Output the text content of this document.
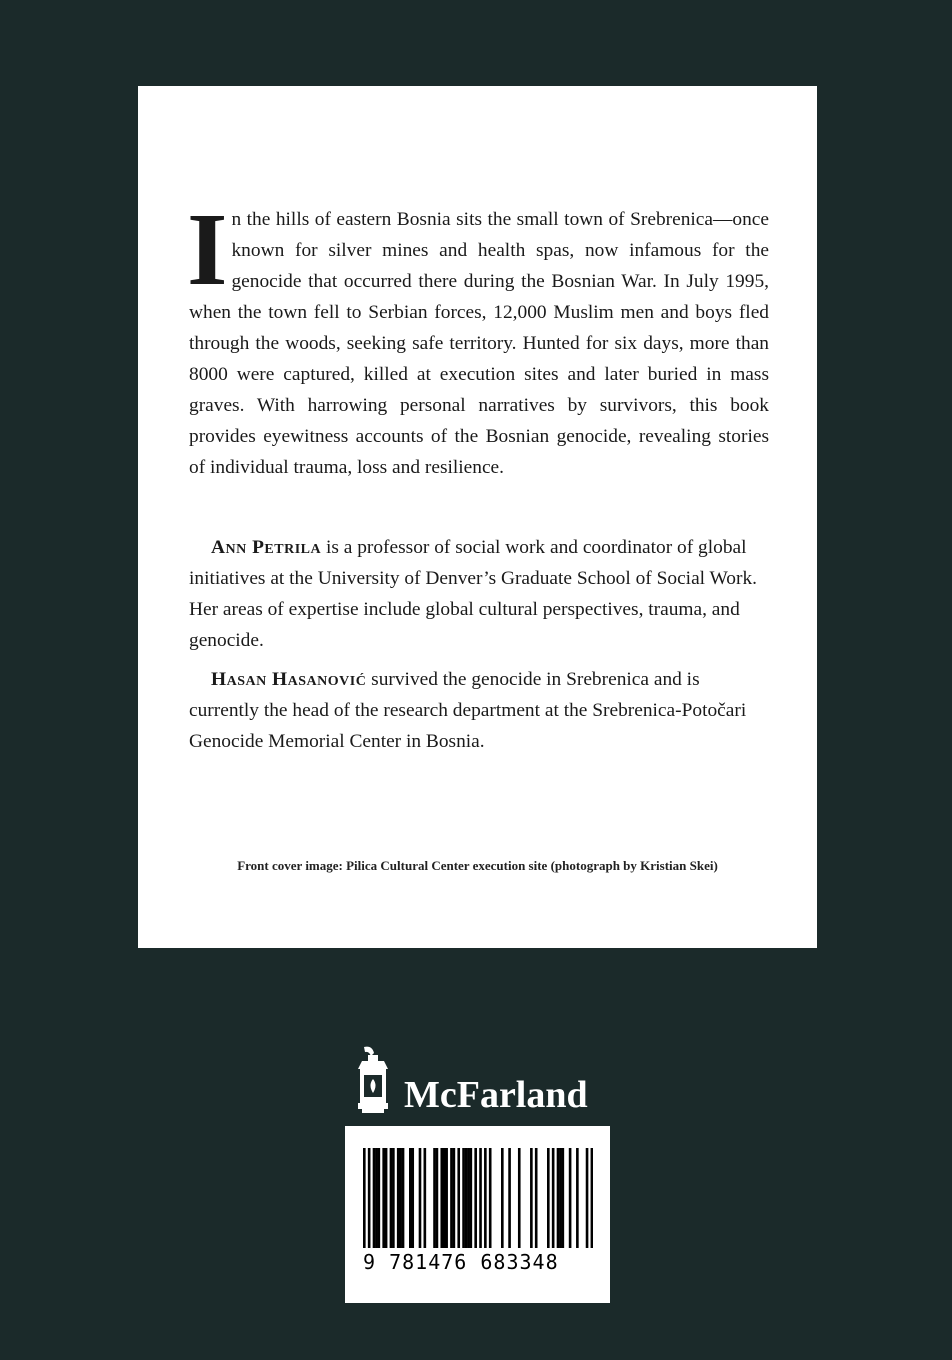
In the hills of eastern Bosnia sits the small town of Srebrenica—once known for silver mines and health spas, now infamous for the genocide that occurred there during the Bosnian War. In July 1995, when the town fell to Serbian forces, 12,000 Muslim men and boys fled through the woods, seeking safe territory. Hunted for six days, more than 8000 were captured, killed at execution sites and later buried in mass graves. With harrowing personal narratives by survivors, this book provides eyewitness accounts of the Bosnian genocide, revealing stories of individual trauma, loss and resilience.

Ann Petrila is a professor of social work and coordinator of global initiatives at the University of Denver’s Graduate School of Social Work. Her areas of expertise include global cultural perspectives, trauma, and genocide.

Hasan Hasanović survived the genocide in Srebrenica and is currently the head of the research department at the Srebrenica-Potočari Genocide Memorial Center in Bosnia.

Front cover image: Pilica Cultural Center execution site (photograph by Kristian Skei)
McFarland
9 781476 683348
